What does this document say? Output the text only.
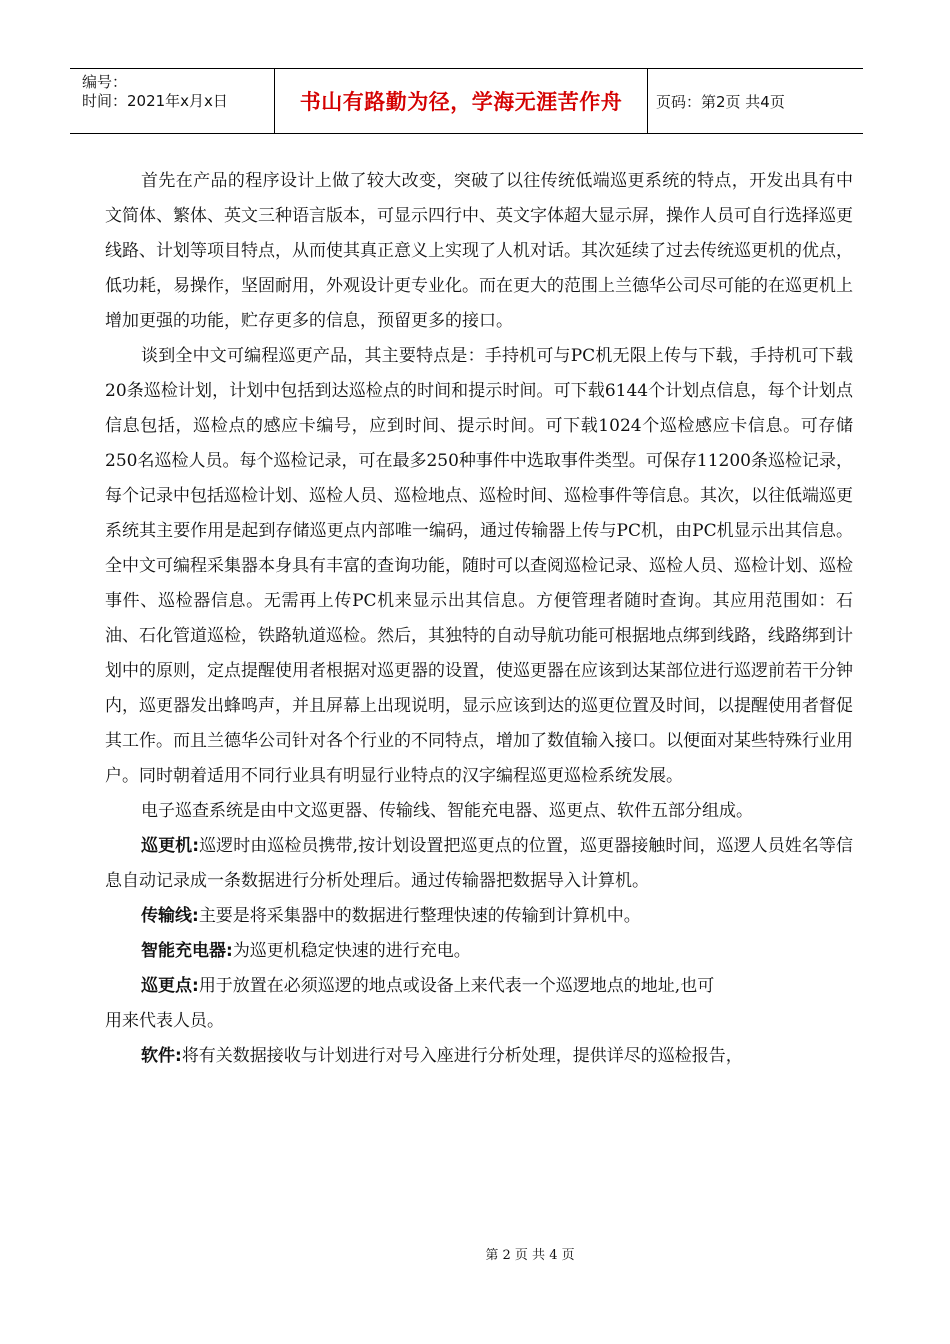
编号：
时间：2021年x月x日	书山有路勤为径，学海无涯苦作舟	页码：第2页 共4页

首先在产品的程序设计上做了较大改变，突破了以往传统低端巡更系统的特点，开发出具有中文简体、繁体、英文三种语言版本，可显示四行中、英文字体超大显示屏，操作人员可自行选择巡更线路、计划等项目特点，从而使其真正意义上实现了人机对话。其次延续了过去传统巡更机的优点，低功耗，易操作，坚固耐用，外观设计更专业化。而在更大的范围上兰德华公司尽可能的在巡更机上增加更强的功能，贮存更多的信息，预留更多的接口。

谈到全中文可编程巡更产品，其主要特点是：手持机可与PC机无限上传与下载，手持机可下载20条巡检计划，计划中包括到达巡检点的时间和提示时间。可下载6144个计划点信息，每个计划点信息包括，巡检点的感应卡编号，应到时间、提示时间。可下载1024个巡检感应卡信息。可存储250名巡检人员。每个巡检记录，可在最多250种事件中选取事件类型。可保存11200条巡检记录，每个记录中包括巡检计划、巡检人员、巡检地点、巡检时间、巡检事件等信息。其次，以往低端巡更系统其主要作用是起到存储巡更点内部唯一编码，通过传输器上传与PC机，由PC机显示出其信息。全中文可编程采集器本身具有丰富的查询功能，随时可以查阅巡检记录、巡检人员、巡检计划、巡检事件、巡检器信息。无需再上传PC机来显示出其信息。方便管理者随时查询。其应用范围如：石油、石化管道巡检，铁路轨道巡检。然后，其独特的自动导航功能可根据地点绑到线路，线路绑到计划中的原则，定点提醒使用者根据对巡更器的设置，使巡更器在应该到达某部位进行巡逻前若干分钟内，巡更器发出蜂鸣声，并且屏幕上出现说明，显示应该到达的巡更位置及时间，以提醒使用者督促其工作。而且兰德华公司针对各个行业的不同特点，增加了数值输入接口。以便面对某些特殊行业用户。同时朝着适用不同行业具有明显行业特点的汉字编程巡更巡检系统发展。

电子巡查系统是由中文巡更器、传输线、智能充电器、巡更点、软件五部分组成。

巡更机:巡逻时由巡检员携带,按计划设置把巡更点的位置，巡更器接触时间，巡逻人员姓名等信息自动记录成一条数据进行分析处理后。通过传输器把数据导入计算机。

传输线:主要是将采集器中的数据进行整理快速的传输到计算机中。

智能充电器:为巡更机稳定快速的进行充电。

巡更点:用于放置在必须巡逻的地点或设备上来代表一个巡逻地点的地址,也可
用来代表人员。

软件:将有关数据接收与计划进行对号入座进行分析处理，提供详尽的巡检报告，

第 2 页 共 4 页
